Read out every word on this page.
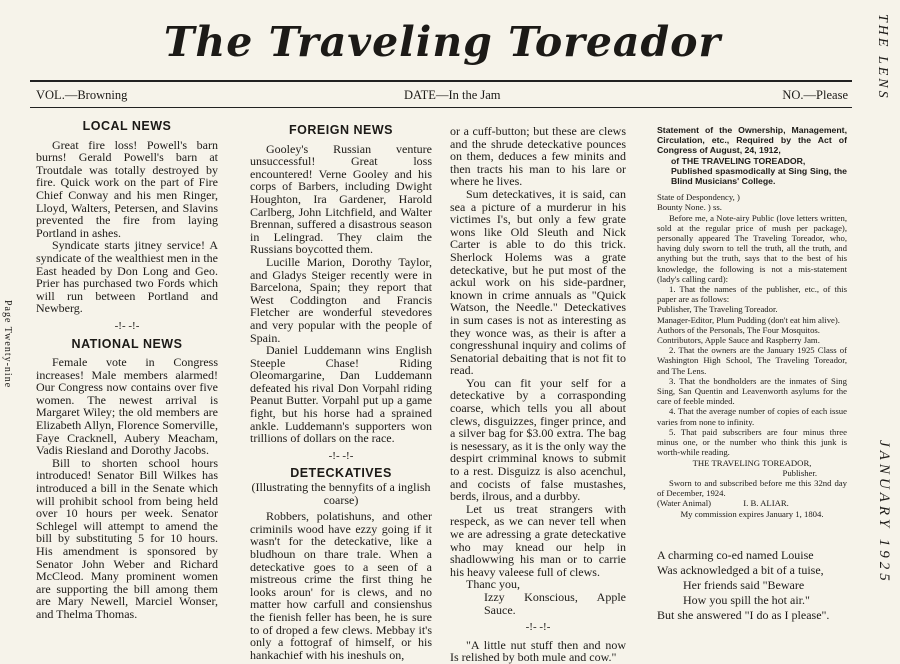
The Traveling Toreador	THE LENS
JANUARY 1925
Page Twenty-nine
VOL.—Browning	DATE—In the Jam	NO.—Please
LOCAL NEWS

Great fire loss! Powell's barn burns! Gerald Powell's barn at Troutdale was totally destroyed by fire. Quick work on the part of Fire Chief Conway and his men Ringer, Lloyd, Walters, Petersen, and Slavins prevented the fire from laying Portland in ashes.

Syndicate starts jitney service! A syndicate of the wealthiest men in the East headed by Don Long and Geo. Prier has purchased two Fords which will run between Portland and Newberg.

-!- -!-
NATIONAL NEWS

Female vote in Congress increases! Male members alarmed! Our Congress now contains over five women. The newest arrival is Margaret Wiley; the old members are Elizabeth Allyn, Florence Somerville, Faye Cracknell, Aubery Meacham, Vadis Riesland and Dorothy Jacobs.

Bill to shorten school hours introduced! Senator Bill Wilkes has introduced a bill in the Senate which will prohibit school from being held over 10 hours per week. Senator Schlegel will attempt to amend the bill by substituting 5 for 10 hours. His amendment is sponsored by Senator John Weber and Richard McCleod. Many prominent women are supporting the bill among them are Mary Newell, Marciel Wonser, and Thelma Thomas.

FOREIGN NEWS

Gooley's Russian venture unsuccessful! Great loss encountered! Verne Gooley and his corps of Barbers, including Dwight Houghton, Ira Gardener, Harold Carlberg, John Litchfield, and Walter Brennan, suffered a disastrous season in Lelingrad. They claim the Russians boycotted them.

Lucille Marion, Dorothy Taylor, and Gladys Steiger recently were in Barcelona, Spain; they report that West Coddington and Francis Fletcher are wonderful stevedores and very popular with the people of Spain.

Daniel Luddemann wins English Steeple Chase! Riding Oleomargarine, Dan Luddemann defeated his rival Don Vorpahl riding Peanut Butter. Vorpahl put up a game fight, but his horse had a sprained ankle. Luddemann's supporters won trillions of dollars on the race.

-!- -!-
DETECKATIVES
(Illustrating the bennyfits of a inglish coarse)

Robbers, polatishuns, and other criminils wood have ezzy going if it wasn't for the deteckative, like a bludhoun on thare trale. When a deteckative goes to a seen of a mistreous crime the first thing he looks aroun' for is clews, and no matter how carfull and consienshus the fienish feller has been, he is sure to of droped a few clews. Mebbay it's only a fottograf of himself, or his hankachief with his ineshuls on,

or a cuff-button; but these are clews and the shrude deteckative pounces on them, deduces a few minits and then tracts his man to his lare or where he lives.

Sum deteckatives, it is said, can sea a picture of a murderur in his victimes I's, but only a few grate wons like Old Sleuth and Nick Carter is able to do this trick. Sherlock Holems was a grate deteckative, but he put most of the ackul work on his side-pardner, known in crime annuals as "Quick Watson, the Needle." Deteckatives in sum cases is not as interesting as they wonce was, as their is after a congresshunal inquiry and colims of Senatorial debaiting that is not fit to read.

You can fit your self for a deteckative by a corrasponding coarse, which tells you all about clews, disguizzes, finger prince, and a silver bag for $3.00 extra. The bag is nesessary, as it is the only way the despirt crimminal knows to submit to a rest. Disguizz is also acenchul, and cocists of false mustashes, berds, ilrous, and a durbby.

Let us treat strangers with respeck, as we can never tell when we are adressing a grate deteckative who may knead our help in shadlowwing his man or to carrie his heavy valeese full of clews.

Thanc you,

Izzy Konscious, Apple Sauce.
-!- -!-

"A little nut stuff then and now Is relished by both mule and cow."

Statement of the Ownership, Management, Circulation, etc., Required by the Act of Congress of August, 24, 1912,

of THE TRAVELING TOREADOR,

Published spasmodically at Sing Sing, the Blind Musicians' College.

State of Despondency, )

Bounty None. ) ss.

Before me, a Note-airy Public (love letters written, sold at the regular price of mush per package), personally appeared The Traveling Toreador, who, having duly sworn to tell the truth, all the truth, and anything but the truth, says that to the best of his knowledge, the following is not a mis-statement (lady's calling card):

1. That the names of the publisher, etc., of this paper are as follows:

Publisher, The Traveling Toreador.

Manager-Editor, Plum Pudding (don't eat him alive).

Authors of the Personals, The Four Mosquitos.

Contributors, Apple Sauce and Raspberry Jam.

2. That the owners are the January 1925 Class of Washington High School, The Traveling Toreador, and The Lens.

3. That the bondholders are the inmates of Sing Sing, San Quentin and Leavenworth asylums for the care of feeble minded.

4. That the average number of copies of each issue varies from none to infinity.

5. That paid subscribers are four minus three minus one, or the number who think this junk is worth-while reading.

THE TRAVELING TOREADOR,

Publisher.

Sworn to and subscribed before me this 32nd day of December, 1924.

(Water Animal)	I. B. ALIAR.

My commission expires January 1, 1804.

A charming co-ed named Louise
Was acknowledged a bit of a tuise,
Her friends said "Beware
How you spill the hot air."
But she answered "I do as I please".
